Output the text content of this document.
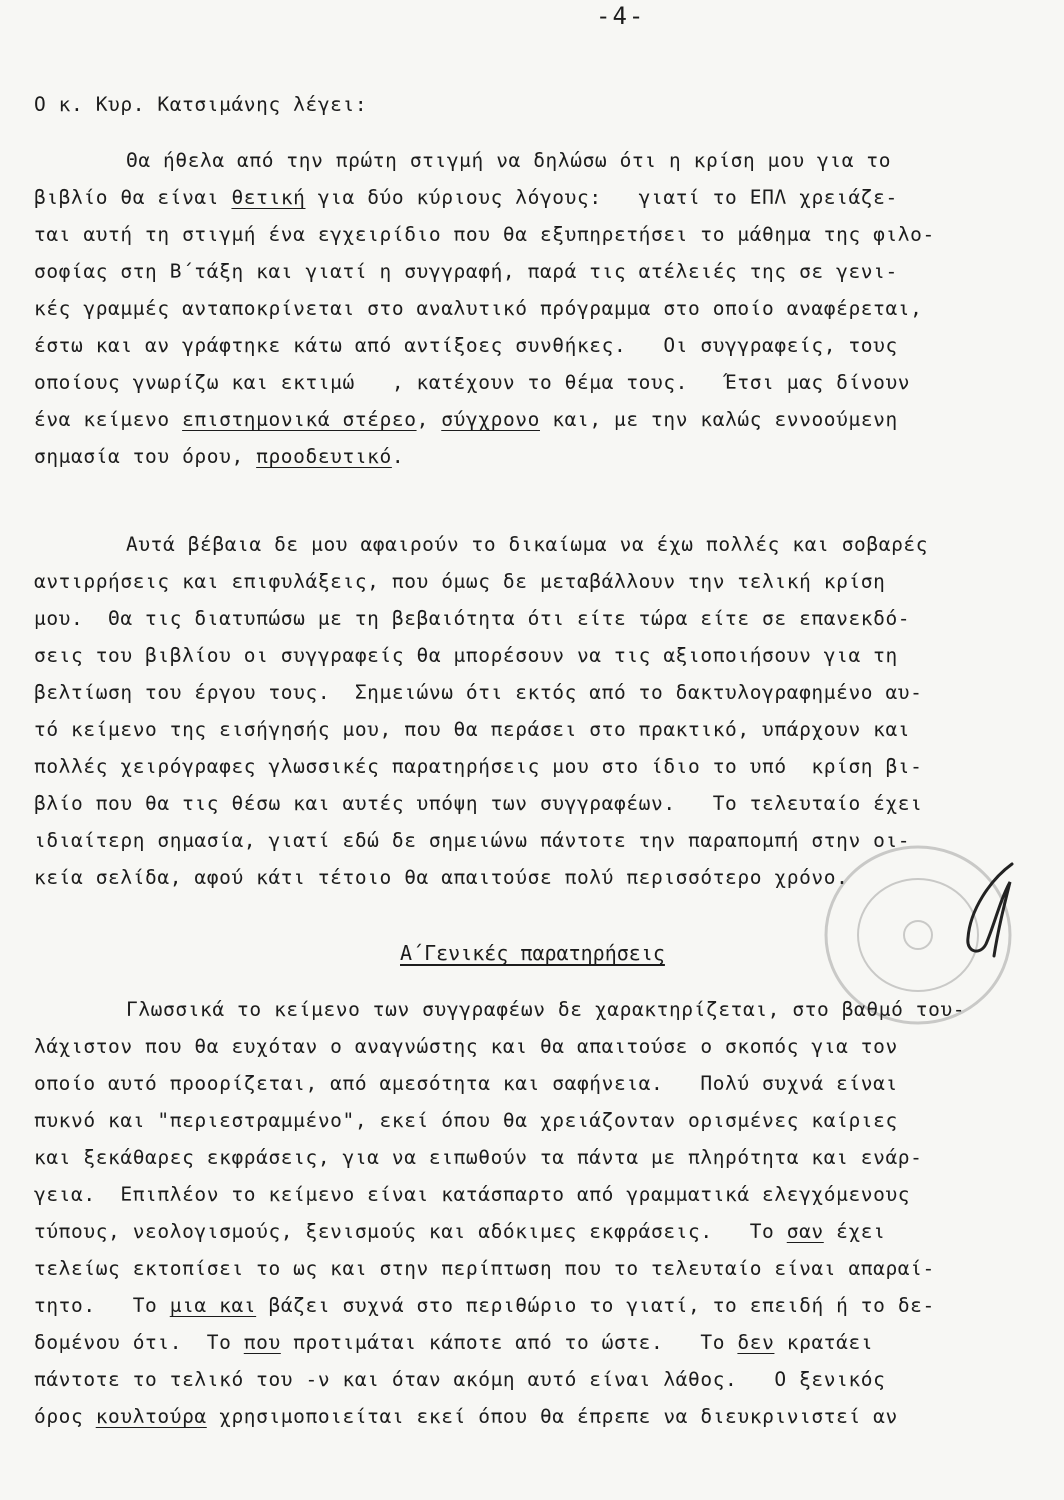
-4-
Ο κ. Κυρ. Κατσιμάνης λέγει:
Θα ήθελα από την πρώτη στιγμή να δηλώσω ότι η κρίση μου για το
βιβλίο θα είναι θετική για δύο κύριους λόγους:   γιατί το ΕΠΛ χρειάζε-
ται αυτή τη στιγμή ένα εγχειρίδιο που θα εξυπηρετήσει το μάθημα της φιλο-
σοφίας στη Β΄τάξη και γιατί η συγγραφή, παρά τις ατέλειές της σε γενι-
κές γραμμές ανταποκρίνεται στο αναλυτικό πρόγραμμα στο οποίο αναφέρεται,
έστω και αν γράφτηκε κάτω από αντίξοες συνθήκες.   Οι συγγραφείς, τους
οποίους γνωρίζω και εκτιμώ   , κατέχουν το θέμα τους.   Έτσι μας δίνουν
ένα κείμενο επιστημονικά στέρεο, σύγχρονο και, με την καλώς εννοούμενη
σημασία του όρου, προοδευτικό.
Αυτά βέβαια δε μου αφαιρούν το δικαίωμα να έχω πολλές και σοβαρές
αντιρρήσεις και επιφυλάξεις, που όμως δε μεταβάλλουν την τελική κρίση
μου.  Θα τις διατυπώσω με τη βεβαιότητα ότι είτε τώρα είτε σε επανεκδό-
σεις του βιβλίου οι συγγραφείς θα μπορέσουν να τις αξιοποιήσουν για τη
βελτίωση του έργου τους.  Σημειώνω ότι εκτός από το δακτυλογραφημένο αυ-
τό κείμενο της εισήγησής μου, που θα περάσει στο πρακτικό, υπάρχουν και
πολλές χειρόγραφες γλωσσικές παρατηρήσεις μου στο ίδιο το υπό  κρίση βι-
βλίο που θα τις θέσω και αυτές υπόψη των συγγραφέων.   Το τελευταίο έχει
ιδιαίτερη σημασία, γιατί εδώ δε σημειώνω πάντοτε την παραπομπή στην οι-
κεία σελίδα, αφού κάτι τέτοιο θα απαιτούσε πολύ περισσότερο χρόνο.
Α΄Γενικές παρατηρήσεις
Γλωσσικά το κείμενο των συγγραφέων δε χαρακτηρίζεται, στο βαθμό του-
λάχιστον που θα ευχόταν ο αναγνώστης και θα απαιτούσε ο σκοπός για τον
οποίο αυτό προορίζεται, από αμεσότητα και σαφήνεια.   Πολύ συχνά είναι
πυκνό και "περιεστραμμένο", εκεί όπου θα χρειάζονταν ορισμένες καίριες
και ξεκάθαρες εκφράσεις, για να ειπωθούν τα πάντα με πληρότητα και ενάρ-
γεια.  Επιπλέον το κείμενο είναι κατάσπαρτο από γραμματικά ελεγχόμενους
τύπους, νεολογισμούς, ξενισμούς και αδόκιμες εκφράσεις.   Το σαν έχει
τελείως εκτοπίσει το ως και στην περίπτωση που το τελευταίο είναι απαραί-
τητο.   Το μια και βάζει συχνά στο περιθώριο το γιατί, το επειδή ή το δε-
δομένου ότι.  Το που προτιμάται κάποτε από το ώστε.   Το δεν κρατάει
πάντοτε το τελικό του -ν και όταν ακόμη αυτό είναι λάθος.   Ο ξενικός
όρος κουλτούρα χρησιμοποιείται εκεί όπου θα έπρεπε να διευκρινιστεί αν
